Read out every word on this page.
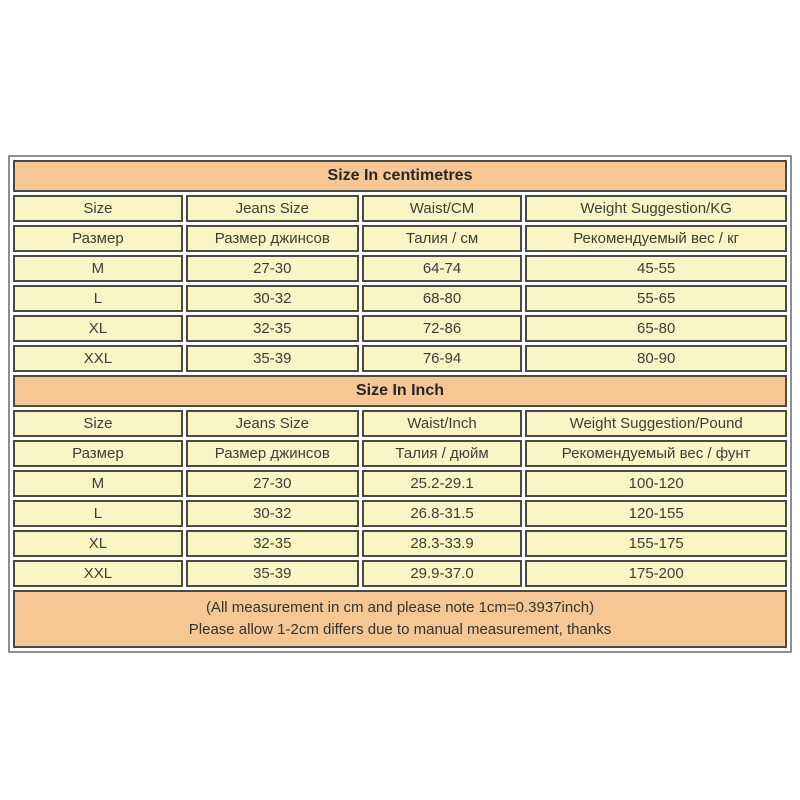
Size In centimetres			
Size	Jeans Size	Waist/CM	Weight Suggestion/KG
Размер	Размер джинсов	Талия / см	Рекомендуемый вес / кг
M	27-30	64-74	45-55
L	30-32	68-80	55-65
XL	32-35	72-86	65-80
XXL	35-39	76-94	80-90
Size In Inch			
Size	Jeans Size	Waist/Inch	Weight Suggestion/Pound
Размер	Размер джинсов	Талия / дюйм	Рекомендуемый вес / фунт
M	27-30	25.2-29.1	100-120
L	30-32	26.8-31.5	120-155
XL	32-35	28.3-33.9	155-175
XXL	35-39	29.9-37.0	175-200

(All measurement in cm and please note 1cm=0.3937inch)
Please allow 1-2cm differs due to manual measurement, thanks			
